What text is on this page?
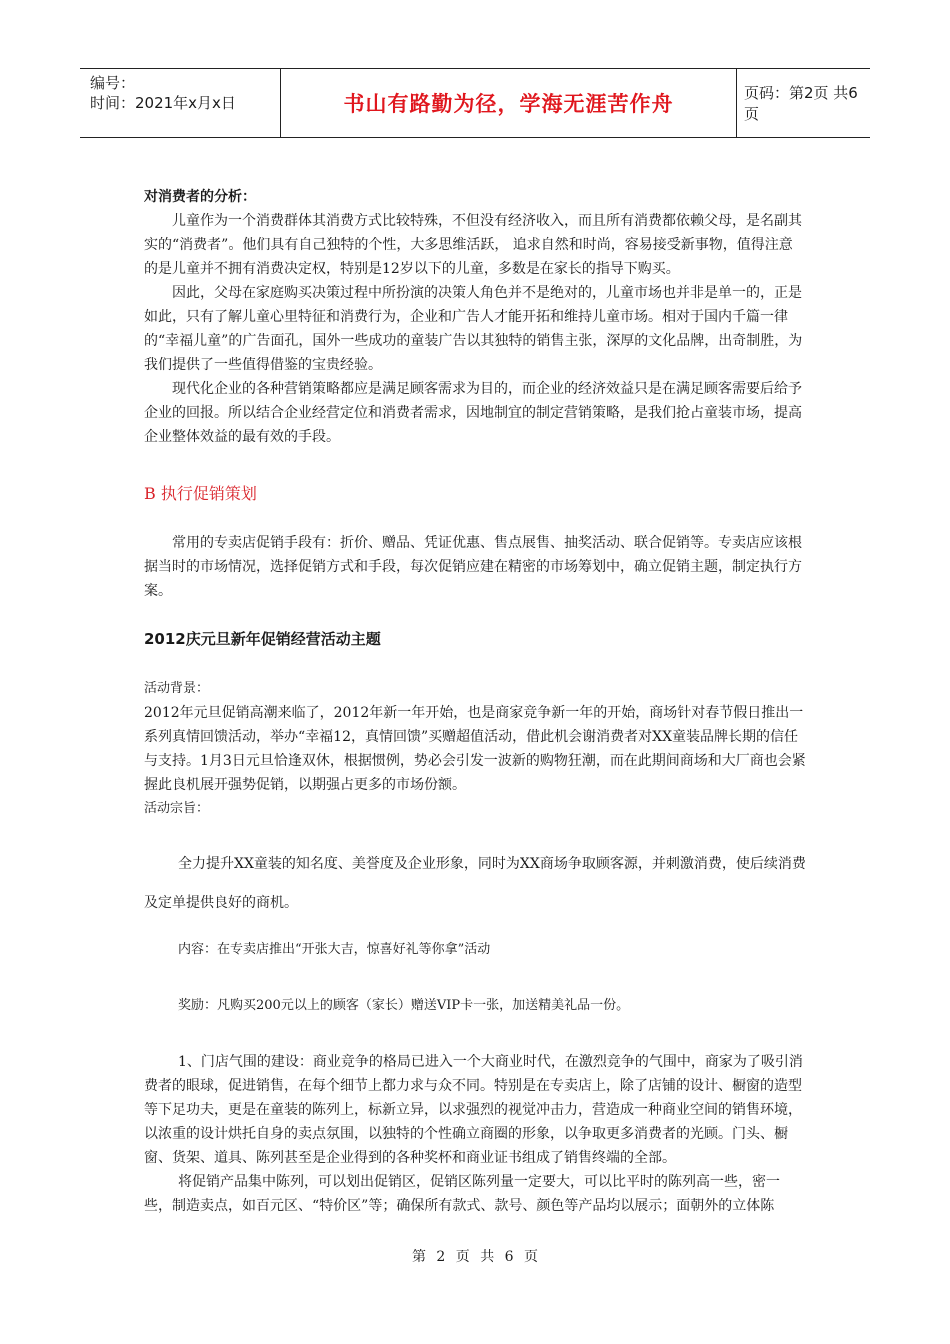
编号：
时间：2021年x月x日	书山有路勤为径，学海无涯苦作舟	页码：第2页 共6页

对消费者的分析：

儿童作为一个消费群体其消费方式比较特殊，不但没有经济收入，而且所有消费都依赖父母，是名副其实的“消费者”。他们具有自己独特的个性，大多思维活跃， 追求自然和时尚，容易接受新事物，值得注意的是儿童并不拥有消费决定权，特别是12岁以下的儿童，多数是在家长的指导下购买。

因此，父母在家庭购买决策过程中所扮演的决策人角色并不是绝对的，儿童市场也并非是单一的，正是如此，只有了解儿童心里特征和消费行为，企业和广告人才能开拓和维持儿童市场。相对于国内千篇一律的“幸福儿童”的广告面孔，国外一些成功的童装广告以其独特的销售主张，深厚的文化品牌，出奇制胜，为我们提供了一些值得借鉴的宝贵经验。

现代化企业的各种营销策略都应是满足顾客需求为目的，而企业的经济效益只是在满足顾客需要后给予企业的回报。所以结合企业经营定位和消费者需求，因地制宜的制定营销策略，是我们抢占童装市场，提高企业整体效益的最有效的手段。

B 执行促销策划

常用的专卖店促销手段有：折价、赠品、凭证优惠、售点展售、抽奖活动、联合促销等。专卖店应该根据当时的市场情况，选择促销方式和手段，每次促销应建在精密的市场筹划中，确立促销主题，制定执行方案。

2012庆元旦新年促销经营活动主题

活动背景：

2012年元旦促销高潮来临了，2012年新一年开始，也是商家竞争新一年的开始，商场针对春节假日推出一系列真情回馈活动，举办“幸福12，真情回馈”买赠超值活动，借此机会谢消费者对XX童装品牌长期的信任与支持。1月3日元旦恰逢双休，根据惯例，势必会引发一波新的购物狂潮，而在此期间商场和大厂商也会紧握此良机展开强势促销，以期强占更多的市场份额。

活动宗旨：

全力提升XX童装的知名度、美誉度及企业形象，同时为XX商场争取顾客源，并刺激消费，使后续消费及定单提供良好的商机。

内容：在专卖店推出“开张大吉，惊喜好礼等你拿”活动

奖励：凡购买200元以上的顾客（家长）赠送VIP卡一张，加送精美礼品一份。

1、门店气围的建设：商业竞争的格局已进入一个大商业时代，在激烈竞争的气围中，商家为了吸引消费者的眼球，促进销售，在每个细节上都力求与众不同。特别是在专卖店上，除了店铺的设计、橱窗的造型等下足功夫，更是在童装的陈列上，标新立异，以求强烈的视觉冲击力，营造成一种商业空间的销售环境，以浓重的设计烘托自身的卖点氛围，以独特的个性确立商圈的形象，以争取更多消费者的光顾。门头、橱窗、货架、道具、陈列甚至是企业得到的各种奖杯和商业证书组成了销售终端的全部。

将促销产品集中陈列，可以划出促销区，促销区陈列量一定要大，可以比平时的陈列高一些，密一些，制造卖点，如百元区、“特价区”等；确保所有款式、款号、颜色等产品均以展示；面朝外的立体陈

第 2 页 共 6 页
